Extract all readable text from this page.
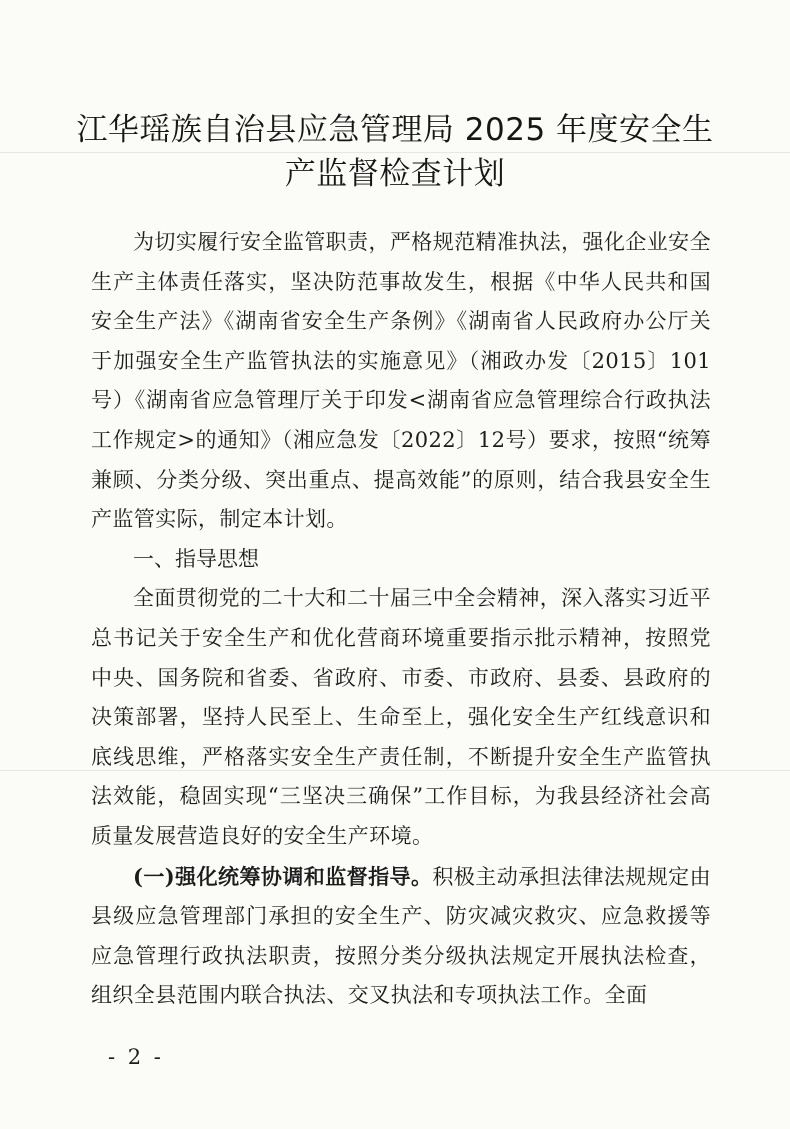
江华瑶族自治县应急管理局 2025 年度安全生
产监督检查计划

为切实履行安全监管职责，严格规范精准执法，强化企业安全生产主体责任落实，坚决防范事故发生，根据《中华人民共和国安全生产法》《湖南省安全生产条例》《湖南省人民政府办公厅关于加强安全生产监管执法的实施意见》（湘政办发〔2015〕101号）《湖南省应急管理厅关于印发<湖南省应急管理综合行政执法工作规定>的通知》（湘应急发〔2022〕12号）要求，按照“统筹兼顾、分类分级、突出重点、提高效能”的原则，结合我县安全生产监管实际，制定本计划。

一、指导思想

全面贯彻党的二十大和二十届三中全会精神，深入落实习近平总书记关于安全生产和优化营商环境重要指示批示精神，按照党中央、国务院和省委、省政府、市委、市政府、县委、县政府的决策部署，坚持人民至上、生命至上，强化安全生产红线意识和底线思维，严格落实安全生产责任制，不断提升安全生产监管执法效能，稳固实现“三坚决三确保”工作目标，为我县经济社会高质量发展营造良好的安全生产环境。

(一)强化统筹协调和监督指导。积极主动承担法律法规规定由县级应急管理部门承担的安全生产、防灾减灾救灾、应急救援等应急管理行政执法职责，按照分类分级执法规定开展执法检查，组织全县范围内联合执法、交叉执法和专项执法工作。全面

- 2 -
